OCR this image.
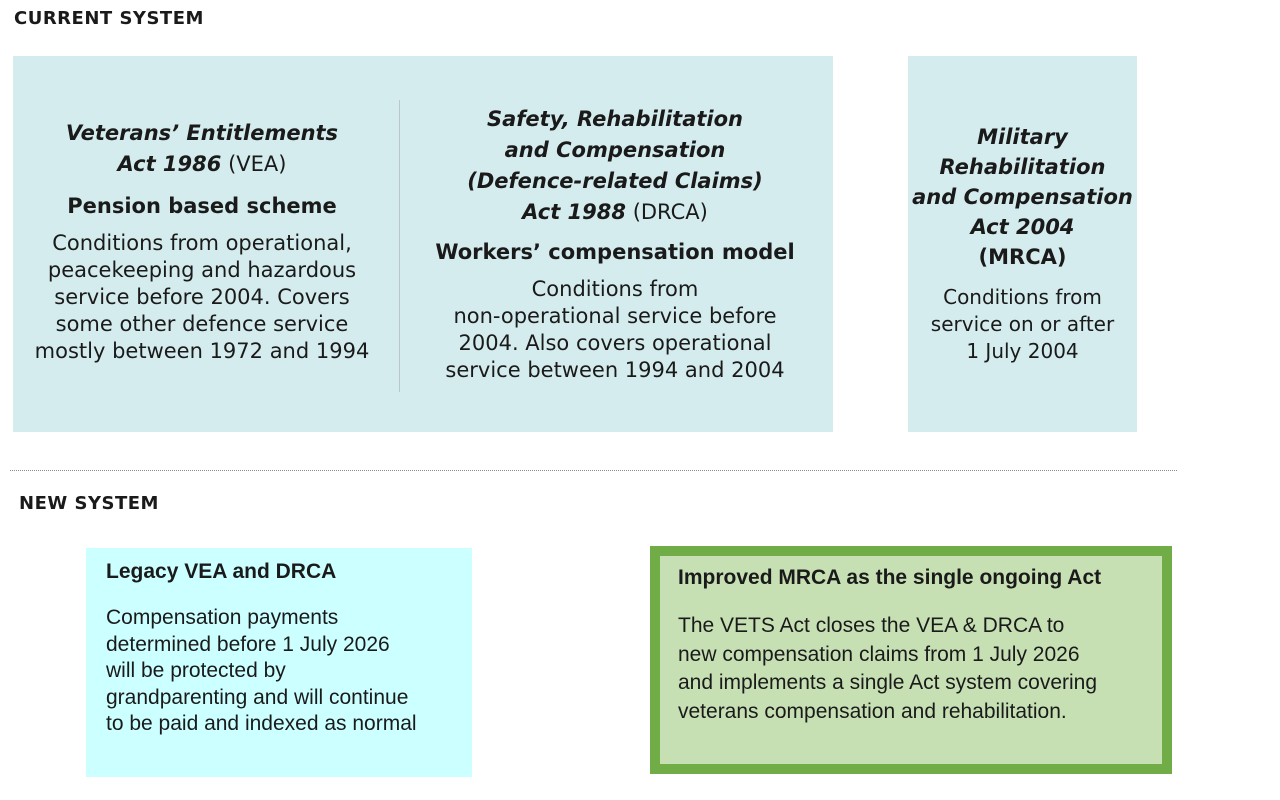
CURRENT SYSTEM

Veterans’ Entitlements
Act 1986 (VEA)

Pension based scheme

Conditions from operational,
peacekeeping and hazardous
service before 2004. Covers
some other defence service
mostly between 1972 and 1994

Safety, Rehabilitation
and Compensation
(Defence-related Claims)
Act 1988 (DRCA)

Workers’ compensation model

Conditions from
non-operational service before
2004. Also covers operational
service between 1994 and 2004

Military
Rehabilitation
and Compensation
Act 2004
(MRCA)

Conditions from
service on or after
1 July 2004

NEW SYSTEM

Legacy VEA and DRCA

Compensation payments
determined before 1 July 2026
will be protected by
grandparenting and will continue
to be paid and indexed as normal

Improved MRCA as the single ongoing Act

The VETS Act closes the VEA & DRCA to
new compensation claims from 1 July 2026
and implements a single Act system covering
veterans compensation and rehabilitation.
